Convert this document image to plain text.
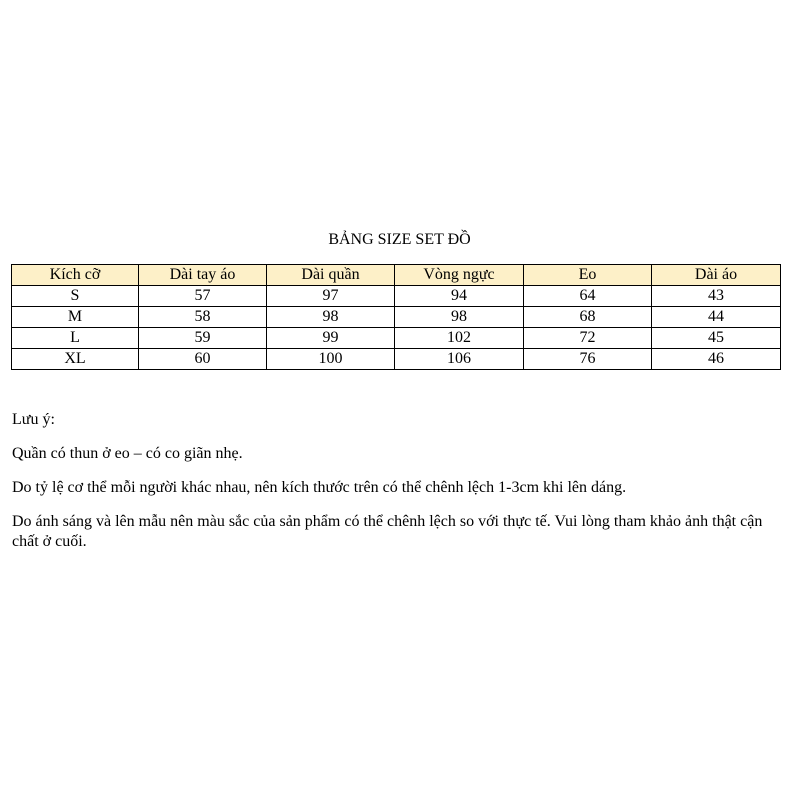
BẢNG SIZE SET ĐỒ
Kích cỡ	Dài tay áo	Dài quần	Vòng ngực	Eo	Dài áo
S	57	97	94	64	43
M	58	98	98	68	44
L	59	99	102	72	45
XL	60	100	106	76	46

Lưu ý:

Quần có thun ở eo – có co giãn nhẹ.

Do tỷ lệ cơ thể mỗi người khác nhau, nên kích thước trên có thể chênh lệch 1-3cm khi lên dáng.

Do ánh sáng và lên mẫu nên màu sắc của sản phẩm có thể chênh lệch so với thực tế. Vui lòng tham khảo ảnh thật cận chất ở cuối.
